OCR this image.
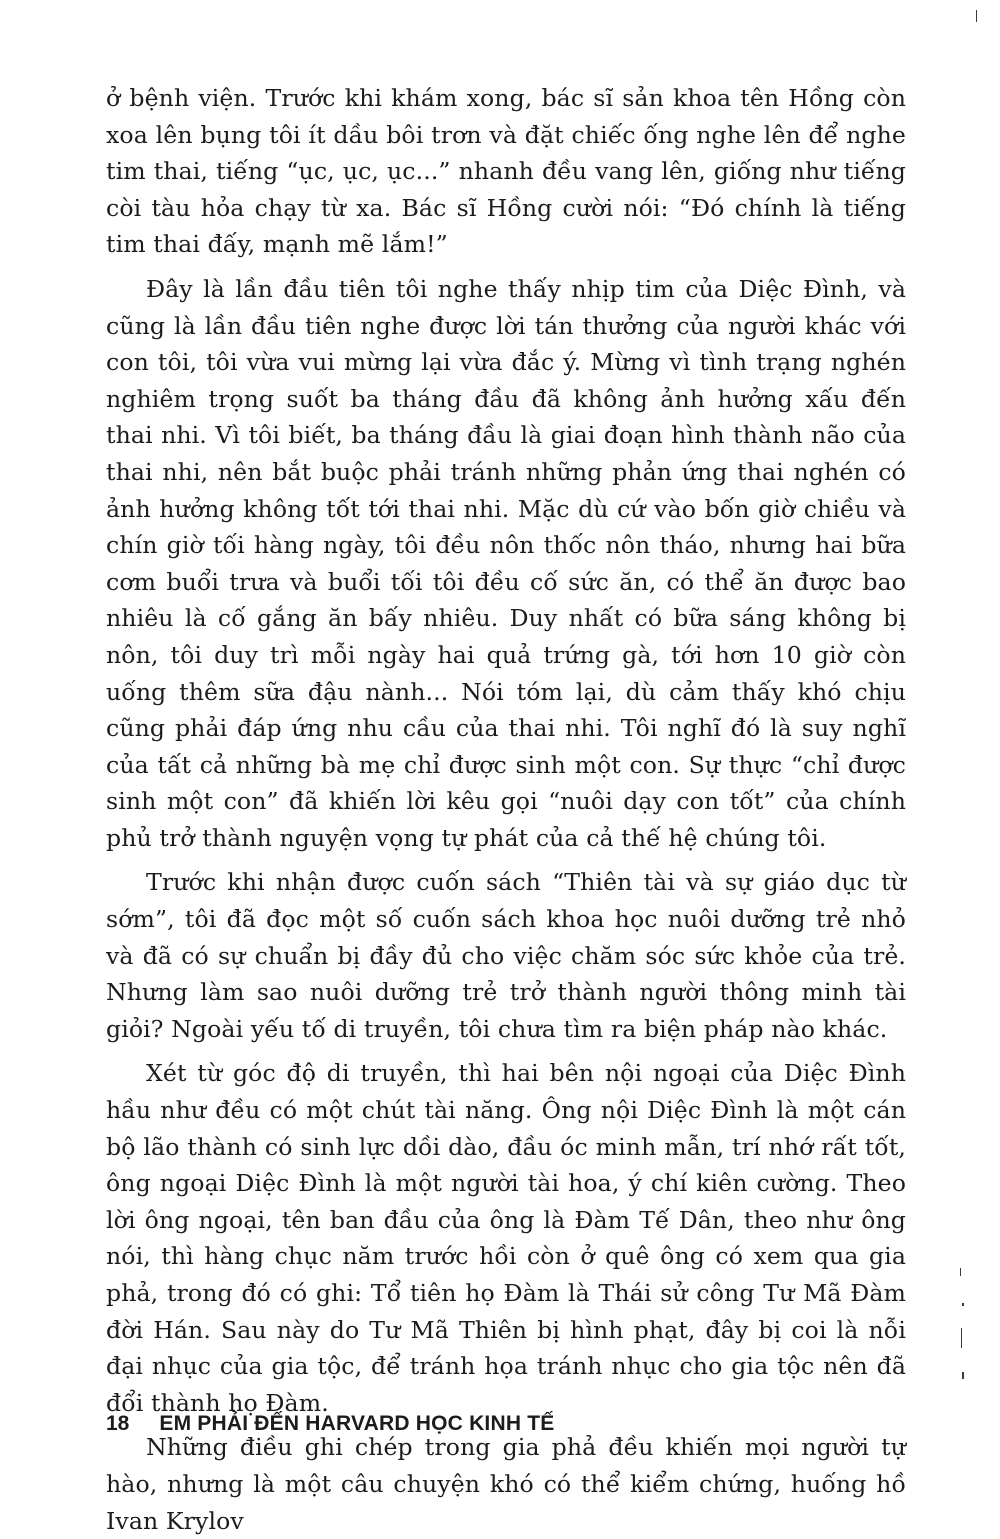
ở bệnh viện. Trước khi khám xong, bác sĩ sản khoa tên Hồng còn xoa lên bụng tôi ít dầu bôi trơn và đặt chiếc ống nghe lên để nghe tim thai, tiếng “ục, ục, ục...” nhanh đều vang lên, giống như tiếng còi tàu hỏa chạy từ xa. Bác sĩ Hồng cười nói: “Đó chính là tiếng tim thai đấy, mạnh mẽ lắm!”

Đây là lần đầu tiên tôi nghe thấy nhịp tim của Diệc Đình, và cũng là lần đầu tiên nghe được lời tán thưởng của người khác với con tôi, tôi vừa vui mừng lại vừa đắc ý. Mừng vì tình trạng nghén nghiêm trọng suốt ba tháng đầu đã không ảnh hưởng xấu đến thai nhi. Vì tôi biết, ba tháng đầu là giai đoạn hình thành não của thai nhi, nên bắt buộc phải tránh những phản ứng thai nghén có ảnh hưởng không tốt tới thai nhi. Mặc dù cứ vào bốn giờ chiều và chín giờ tối hàng ngày, tôi đều nôn thốc nôn tháo, nhưng hai bữa cơm buổi trưa và buổi tối tôi đều cố sức ăn, có thể ăn được bao nhiêu là cố gắng ăn bấy nhiêu. Duy nhất có bữa sáng không bị nôn, tôi duy trì mỗi ngày hai quả trứng gà, tới hơn 10 giờ còn uống thêm sữa đậu nành... Nói tóm lại, dù cảm thấy khó chịu cũng phải đáp ứng nhu cầu của thai nhi. Tôi nghĩ đó là suy nghĩ của tất cả những bà mẹ chỉ được sinh một con. Sự thực “chỉ được sinh một con” đã khiến lời kêu gọi “nuôi dạy con tốt” của chính phủ trở thành nguyện vọng tự phát của cả thế hệ chúng tôi.

Trước khi nhận được cuốn sách “Thiên tài và sự giáo dục từ sớm”, tôi đã đọc một số cuốn sách khoa học nuôi dưỡng trẻ nhỏ và đã có sự chuẩn bị đầy đủ cho việc chăm sóc sức khỏe của trẻ. Nhưng làm sao nuôi dưỡng trẻ trở thành người thông minh tài giỏi? Ngoài yếu tố di truyền, tôi chưa tìm ra biện pháp nào khác.

Xét từ góc độ di truyền, thì hai bên nội ngoại của Diệc Đình hầu như đều có một chút tài năng. Ông nội Diệc Đình là một cán bộ lão thành có sinh lực dồi dào, đầu óc minh mẫn, trí nhớ rất tốt, ông ngoại Diệc Đình là một người tài hoa, ý chí kiên cường. Theo lời ông ngoại, tên ban đầu của ông là Đàm Tế Dân, theo như ông nói, thì hàng chục năm trước hồi còn ở quê ông có xem qua gia phả, trong đó có ghi: Tổ tiên họ Đàm là Thái sử công Tư Mã Đàm đời Hán. Sau này do Tư Mã Thiên bị hình phạt, đây bị coi là nỗi đại nhục của gia tộc, để tránh họa tránh nhục cho gia tộc nên đã đổi thành họ Đàm.

Những điều ghi chép trong gia phả đều khiến mọi người tự hào, nhưng là một câu chuyện khó có thể kiểm chứng, huống hồ Ivan Krylov

18 EM PHẢI ĐẾN HARVARD HỌC KINH TẾ
